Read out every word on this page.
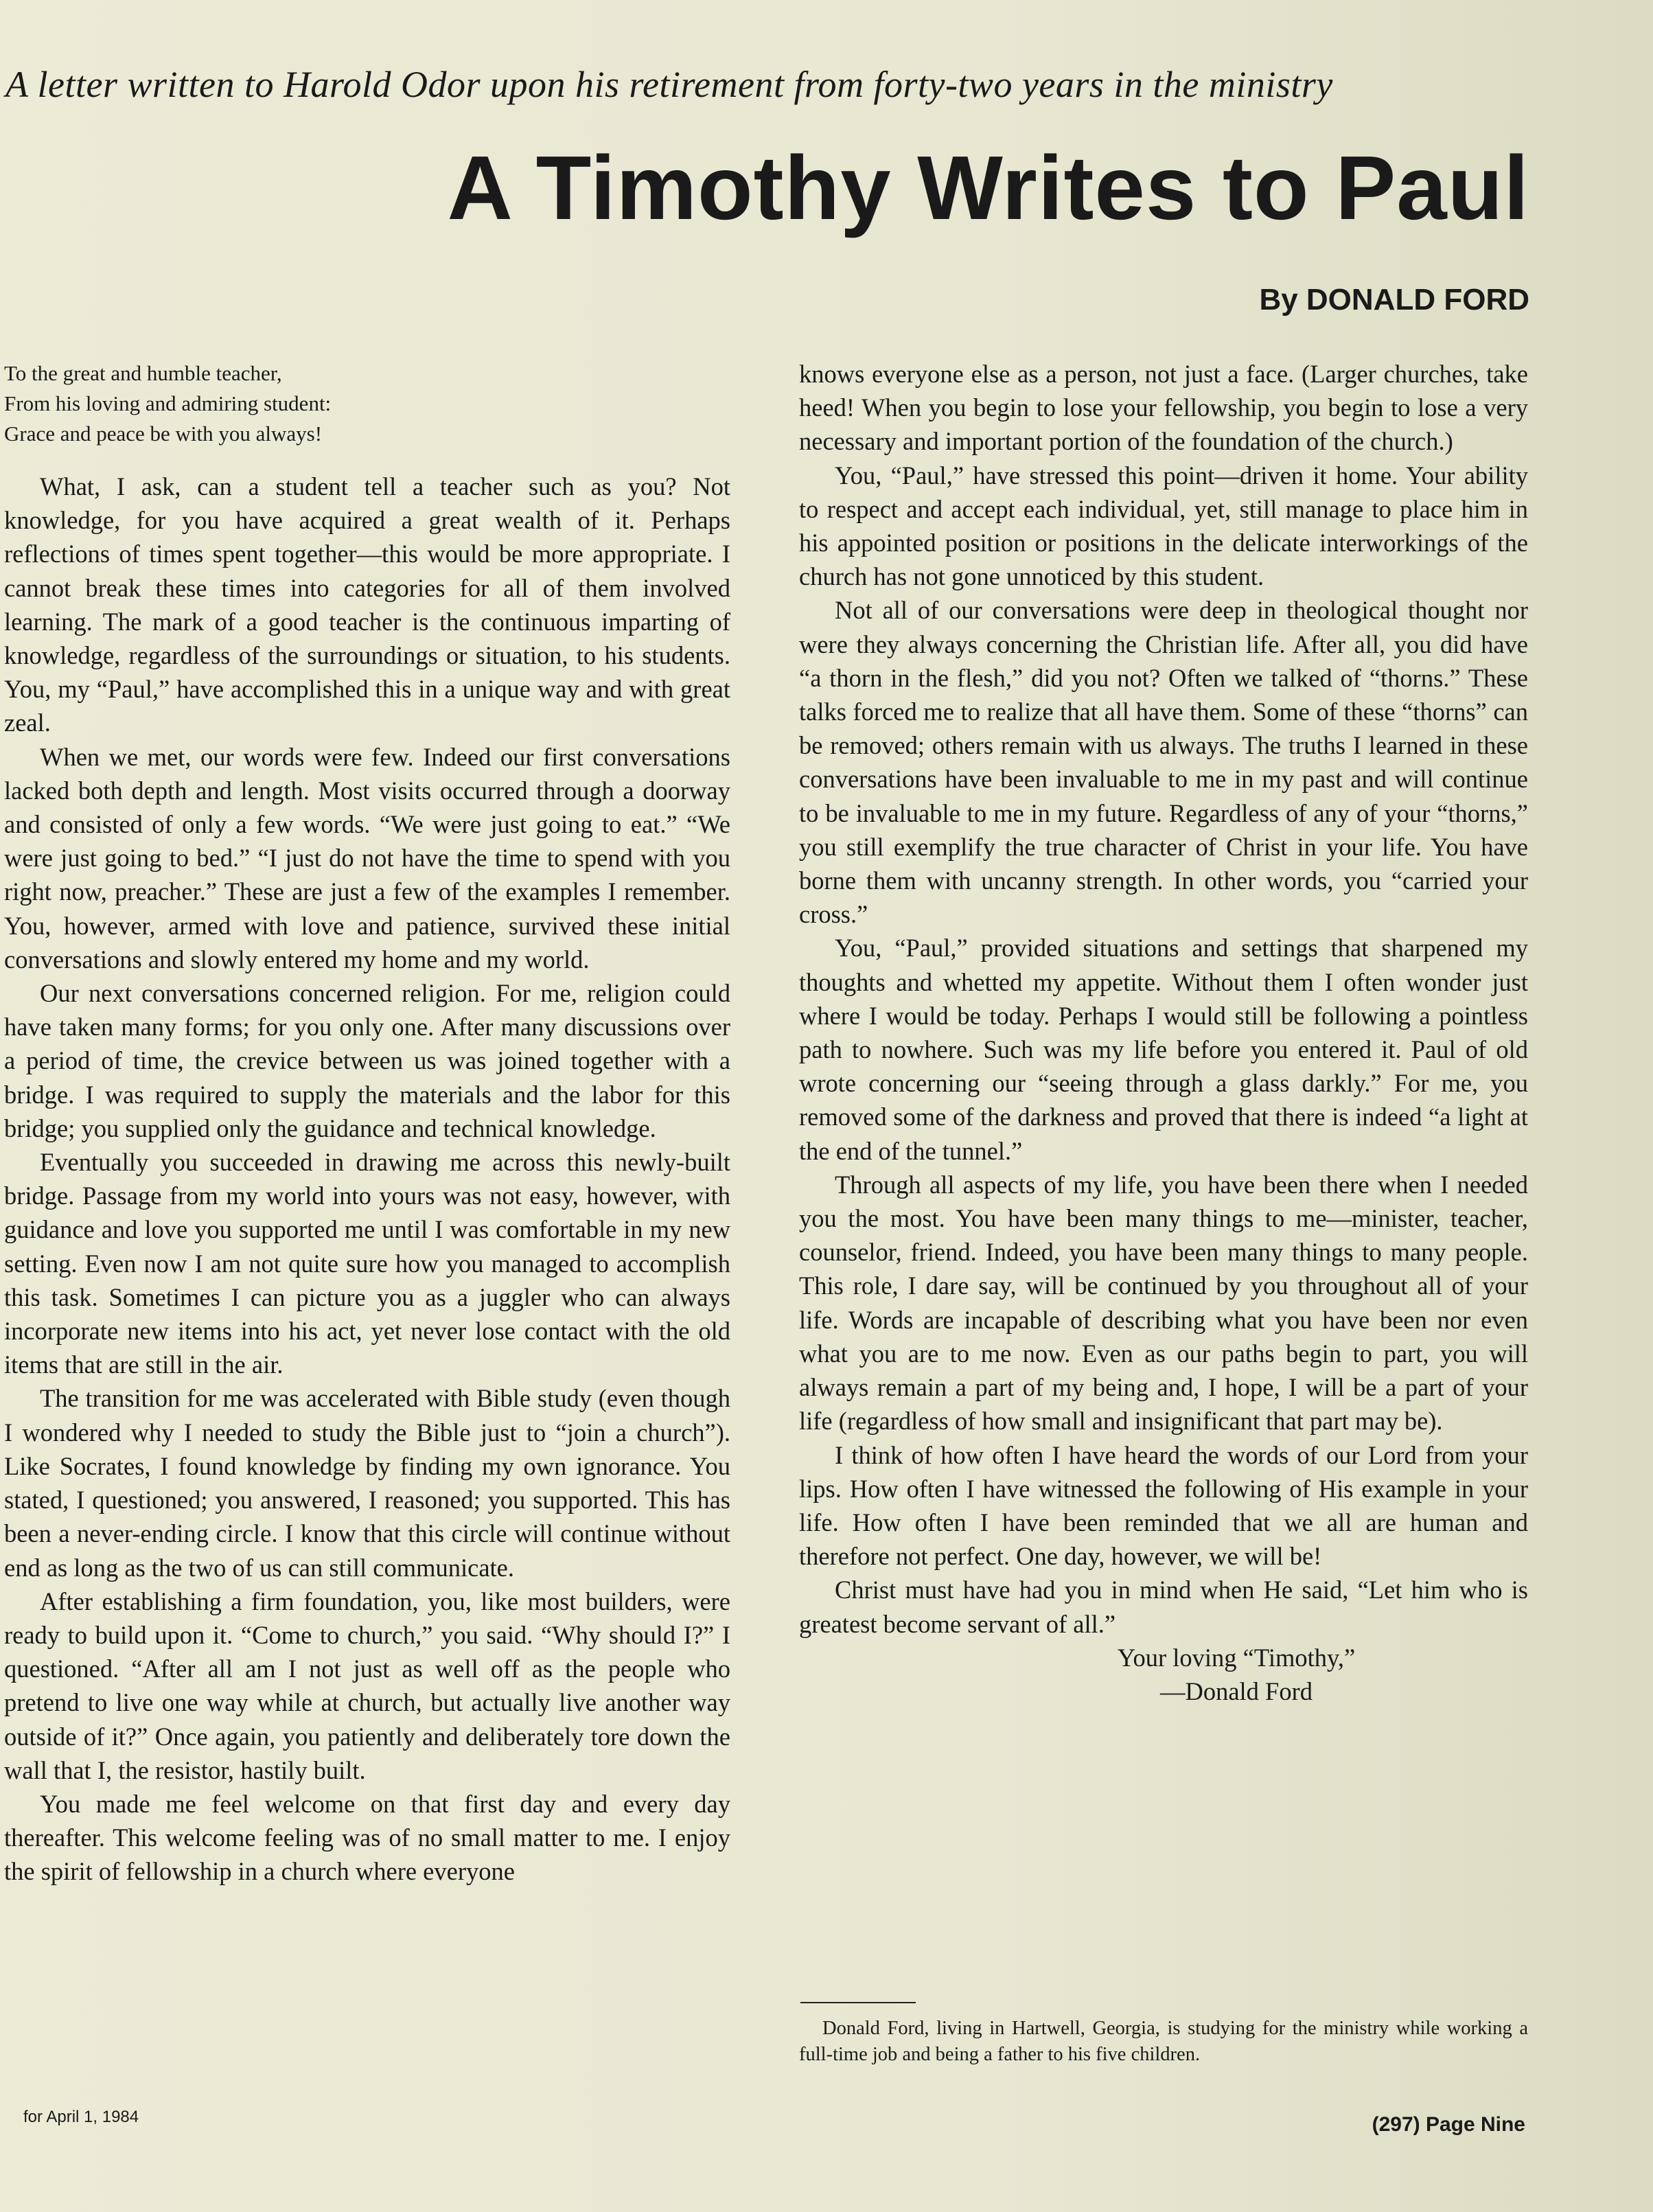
A letter written to Harold Odor upon his retirement from forty-two years in the ministry
A Timothy Writes to Paul
By DONALD FORD
To the great and humble teacher,
From his loving and admiring student:
Grace and peace be with you always!

What, I ask, can a student tell a teacher such as you? Not knowledge, for you have acquired a great wealth of it. Perhaps reflections of times spent together—this would be more appropriate. I cannot break these times into categories for all of them involved learning. The mark of a good teacher is the continuous imparting of knowledge, regardless of the surroundings or situation, to his students. You, my “Paul,” have accomplished this in a unique way and with great zeal.

When we met, our words were few. Indeed our first conversations lacked both depth and length. Most visits occurred through a doorway and consisted of only a few words. “We were just going to eat.” “We were just going to bed.” “I just do not have the time to spend with you right now, preacher.” These are just a few of the examples I remember. You, however, armed with love and patience, survived these initial conversations and slowly entered my home and my world.

Our next conversations concerned religion. For me, religion could have taken many forms; for you only one. After many discussions over a period of time, the crevice between us was joined together with a bridge. I was required to supply the materials and the labor for this bridge; you supplied only the guidance and technical knowledge.

Eventually you succeeded in drawing me across this newly-built bridge. Passage from my world into yours was not easy, however, with guidance and love you supported me until I was comfortable in my new setting. Even now I am not quite sure how you managed to accomplish this task. Sometimes I can picture you as a juggler who can always incorporate new items into his act, yet never lose contact with the old items that are still in the air.

The transition for me was accelerated with Bible study (even though I wondered why I needed to study the Bible just to “join a church”). Like Socrates, I found knowledge by finding my own ignorance. You stated, I questioned; you answered, I reasoned; you supported. This has been a never-ending circle. I know that this circle will continue without end as long as the two of us can still communicate.

After establishing a firm foundation, you, like most builders, were ready to build upon it. “Come to church,” you said. “Why should I?” I questioned. “After all am I not just as well off as the people who pretend to live one way while at church, but actually live another way outside of it?” Once again, you patiently and deliberately tore down the wall that I, the resistor, hastily built.

You made me feel welcome on that first day and every day thereafter. This welcome feeling was of no small matter to me. I enjoy the spirit of fellowship in a church where everyone

knows everyone else as a person, not just a face. (Larger churches, take heed! When you begin to lose your fellowship, you begin to lose a very necessary and important portion of the foundation of the church.)

You, “Paul,” have stressed this point—driven it home. Your ability to respect and accept each individual, yet, still manage to place him in his appointed position or positions in the delicate interworkings of the church has not gone unnoticed by this student.

Not all of our conversations were deep in theological thought nor were they always concerning the Christian life. After all, you did have “a thorn in the flesh,” did you not? Often we talked of “thorns.” These talks forced me to realize that all have them. Some of these “thorns” can be removed; others remain with us always. The truths I learned in these conversations have been invaluable to me in my past and will continue to be invaluable to me in my future. Regardless of any of your “thorns,” you still exemplify the true character of Christ in your life. You have borne them with uncanny strength. In other words, you “carried your cross.”

You, “Paul,” provided situations and settings that sharpened my thoughts and whetted my appetite. Without them I often wonder just where I would be today. Perhaps I would still be following a pointless path to nowhere. Such was my life before you entered it. Paul of old wrote concerning our “seeing through a glass darkly.” For me, you removed some of the darkness and proved that there is indeed “a light at the end of the tunnel.”

Through all aspects of my life, you have been there when I needed you the most. You have been many things to me—minister, teacher, counselor, friend. Indeed, you have been many things to many people. This role, I dare say, will be continued by you throughout all of your life. Words are incapable of describing what you have been nor even what you are to me now. Even as our paths begin to part, you will always remain a part of my being and, I hope, I will be a part of your life (regardless of how small and insignificant that part may be).

I think of how often I have heard the words of our Lord from your lips. How often I have witnessed the following of His example in your life. How often I have been reminded that we all are human and therefore not perfect. One day, however, we will be!

Christ must have had you in mind when He said, “Let him who is greatest become servant of all.”

Your loving “Timothy,”

—Donald Ford

Donald Ford, living in Hartwell, Georgia, is studying for the ministry while working a full-time job and being a father to his five children.
for April 1, 1984	(297) Page Nine
